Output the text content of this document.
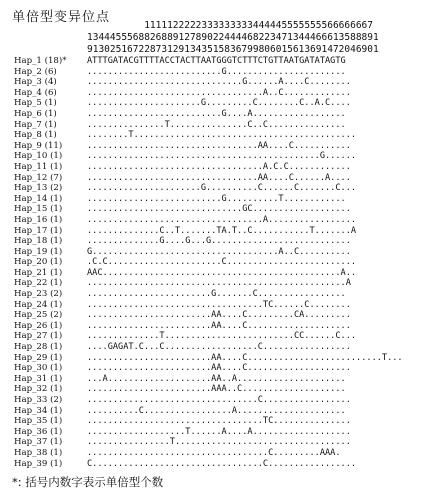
单倍型变异位点
1111122222333333333444445555555566666667
134445556882688912789022444468223471344466613588891
913025167228731291343515836799806015613691472046901
Hap_1 (18)* ATTTGATACGTTTTACCTACTTAATGGGTCTTTCTGTTAATGATATAGTG
Hap_2 (6)	..........................G.......................
Hap_3 (4)	..............................G......A....C........
Hap_4 (6)	..................................A..C.............
Hap_5 (1)	......................G.........C........C..A.C....
Hap_6 (1)	..........................G....A..................
Hap_7 (1)	...............T...............C..C...............
Hap_8 (1)	........T...........................................
Hap_9 (11)	.................................AA....C...........
Hap_10 (1)	.............................................G......
Hap_11 (1)	..................................A.C.C............
Hap_12 (7)	.................................AA....C......A....
Hap_13 (2)	......................G..........C......C.......C...
Hap_14 (1)	..........................G..........T............
Hap_15 (1)	..............................GC...................
Hap_16 (1)	..................................A.................
Hap_17 (1)	..............C..T.......TA.T..C...........T.......A
Hap_18 (1)	..............G....G...G...........................
Hap_19 (1)	G....................................A..C..........
Hap_20 (1)	.C.C......................C.........................
Hap_21 (1)	AAC..............................................A..
Hap_22 (1)	..................................................A
Hap_23 (2)	........................G.......C.................
Hap_24 (1)	..................................TC......C........
Hap_25 (2)	........................AA....C.........CA.........
Hap_26 (1)	........................AA....C....................
Hap_27 (1)	..............T.........................CC......C...
Hap_28 (1)	....GAGAT.C...C..................C.................
Hap_29 (1)	........................AA....C..........................T...
Hap_30 (1)	........................AA....C....................
Hap_31 (1)	...A....................AA..A.....................
Hap_32 (1)	........................AAA..C....................
Hap_33 (2)	.................................C.................
Hap_34 (1)	..........C.................A.....................
Hap_35 (1)	..................................TC...............
Hap_36 (1)	...................T......A....A...................
Hap_37 (1)	................T..................................
Hap_38 (1)	...................................C.........AAA.
Hap_39 (1)	C.................................C.................
*: 括号内数字表示单倍型个数
